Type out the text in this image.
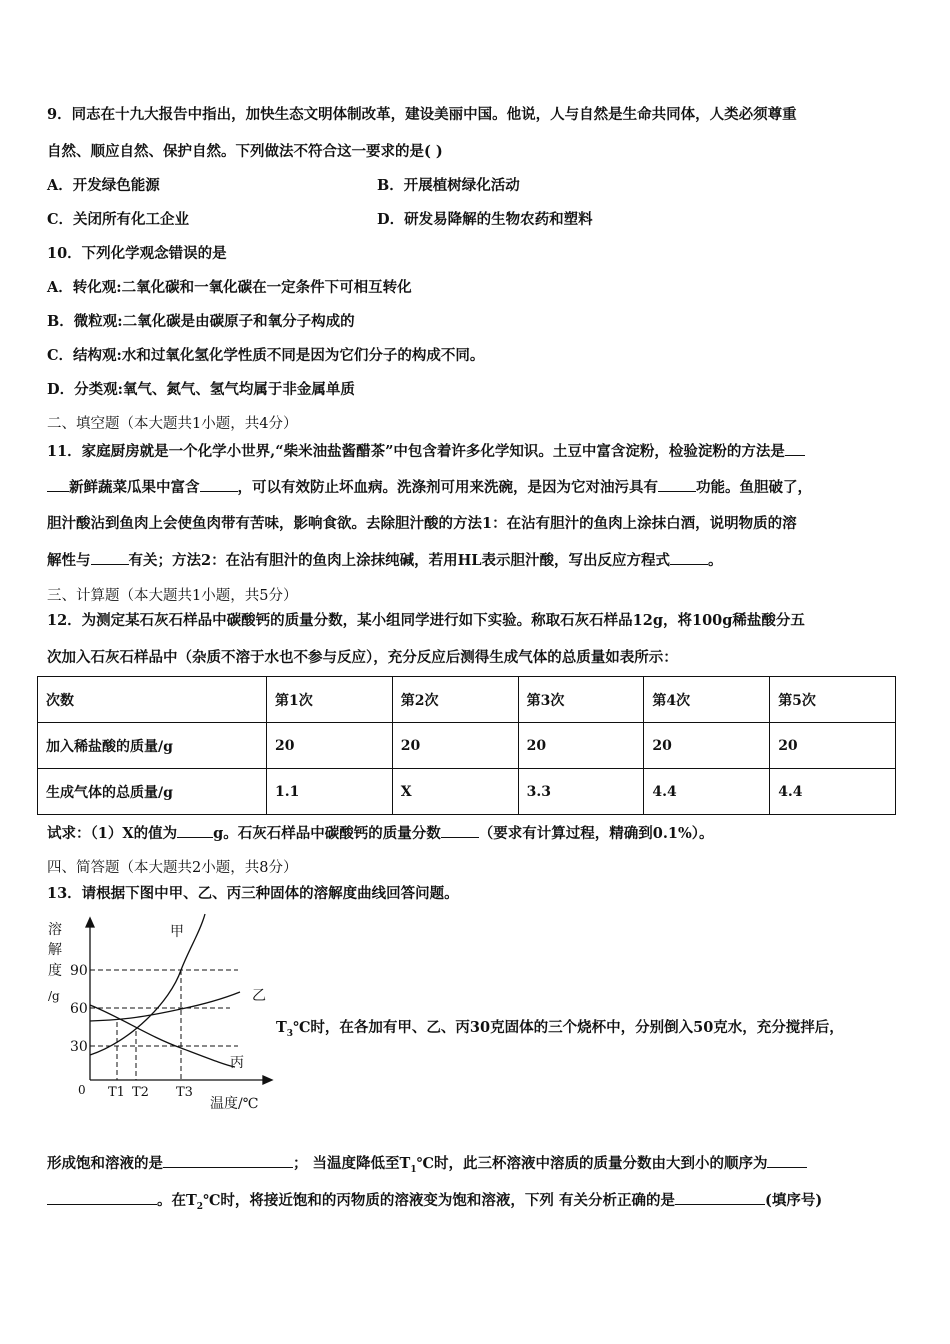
9．同志在十九大报告中指出，加快生态文明体制改革，建设美丽中国。他说，人与自然是生命共同体，人类必须尊重
自然、顺应自然、保护自然。下列做法不符合这一要求的是( )
A．开发绿色能源	B．开展植树绿化活动
C．关闭所有化工企业	D．研发易降解的生物农药和塑料
10．下列化学观念错误的是
A．转化观:二氧化碳和一氧化碳在一定条件下可相互转化
B．微粒观:二氧化碳是由碳原子和氧分子构成的
C．结构观:水和过氧化氢化学性质不同是因为它们分子的构成不同。
D．分类观:氧气、氮气、氢气均属于非金属单质
二、填空题（本大题共1小题，共4分）
11．家庭厨房就是一个化学小世界,“柴米油盐酱醋茶”中包含着许多化学知识。土豆中富含淀粉，检验淀粉的方法是
新鲜蔬菜瓜果中富含	，可以有效防止坏血病。洗涤剂可用来洗碗，是因为它对油污具有	功能。鱼胆破了，
胆汁酸沾到鱼肉上会使鱼肉带有苦味，影响食欲。去除胆汁酸的方法1：在沾有胆汁的鱼肉上涂抹白酒，说明物质的溶
解性与	有关；方法2：在沾有胆汁的鱼肉上涂抹纯碱，若用HL表示胆汁酸，写出反应方程式	。
三、计算题（本大题共1小题，共5分）
12．为测定某石灰石样品中碳酸钙的质量分数，某小组同学进行如下实验。称取石灰石样品12g，将100g稀盐酸分五
次加入石灰石样品中（杂质不溶于水也不参与反应），充分反应后测得生成气体的总质量如表所示：
次数	第1次	第2次	第3次	第4次	第5次
加入稀盐酸的质量/g	20	20	20	20	20
生成气体的总质量/g	1.1	X	3.3	4.4	4.4
试求：（1）X的值为 g。石灰石样品中碳酸钙的质量分数	（要求有计算过程，精确到0.1%）。
四、简答题（本大题共2小题，共8分）
13．请根据下图中甲、乙、丙三种固体的溶解度曲线回答问题。
溶
解
度
/g
90
60
30
0 T1 T2 T3
温度/℃
甲
乙
丙
$T_3℃$时，在各加有甲、乙、丙30克固体的三个烧杯中，分别倒入50克水，充分搅拌后，
形成饱和溶液的是	； 当温度降低至$T_1℃$时，此三杯溶液中溶质的质量分数由大到小的顺序为
。在$T_2℃$时，将接近饱和的丙物质的溶液变为饱和溶液，下列 有关分析正确的是	(填序号)
